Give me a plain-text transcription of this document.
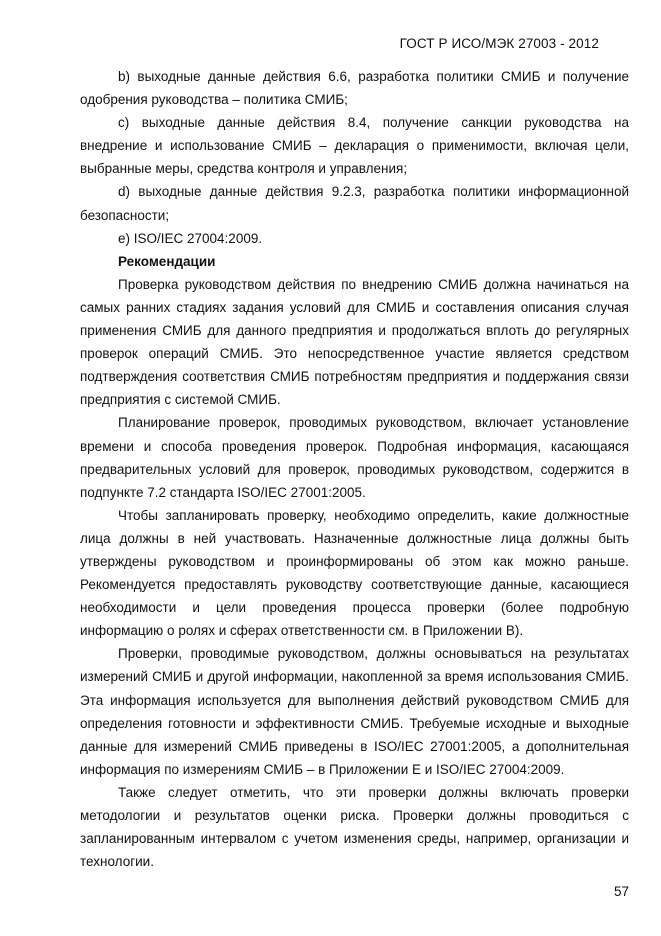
ГОСТ Р ИСО/МЭК 27003 - 2012

b) выходные данные действия 6.6, разработка политики СМИБ и получение одобрения руководства – политика СМИБ;

c) выходные данные действия 8.4, получение санкции руководства на внедрение и использование СМИБ – декларация о применимости, включая цели, выбранные меры, средства контроля и управления;

d) выходные данные действия 9.2.3, разработка политики информационной безопасности;

e) ISO/IEC 27004:2009.

Рекомендации

Проверка руководством действия по внедрению СМИБ должна начинаться на самых ранних стадиях задания условий для СМИБ и составления описания случая применения СМИБ для данного предприятия и продолжаться вплоть до регулярных проверок операций СМИБ. Это непосредственное участие является средством подтверждения соответствия СМИБ потребностям предприятия и поддержания связи предприятия с системой СМИБ.

Планирование проверок, проводимых руководством, включает установление времени и способа проведения проверок. Подробная информация, касающаяся предварительных условий для проверок, проводимых руководством, содержится в подпункте 7.2 стандарта ISO/IEC 27001:2005.

Чтобы запланировать проверку, необходимо определить, какие должностные лица должны в ней участвовать. Назначенные должностные лица должны быть утверждены руководством и проинформированы об этом как можно раньше. Рекомендуется предоставлять руководству соответствующие данные, касающиеся необходимости и цели проведения процесса проверки (более подробную информацию о ролях и сферах ответственности см. в Приложении B).

Проверки, проводимые руководством, должны основываться на результатах измерений СМИБ и другой информации, накопленной за время использования СМИБ. Эта информация используется для выполнения действий руководством СМИБ для определения готовности и эффективности СМИБ. Требуемые исходные и выходные данные для измерений СМИБ приведены в ISO/IEC 27001:2005, а дополнительная информация по измерениям СМИБ – в Приложении E и ISO/IEC 27004:2009.

Также следует отметить, что эти проверки должны включать проверки методологии и результатов оценки риска. Проверки должны проводиться с запланированным интервалом с учетом изменения среды, например, организации и технологии.

57
